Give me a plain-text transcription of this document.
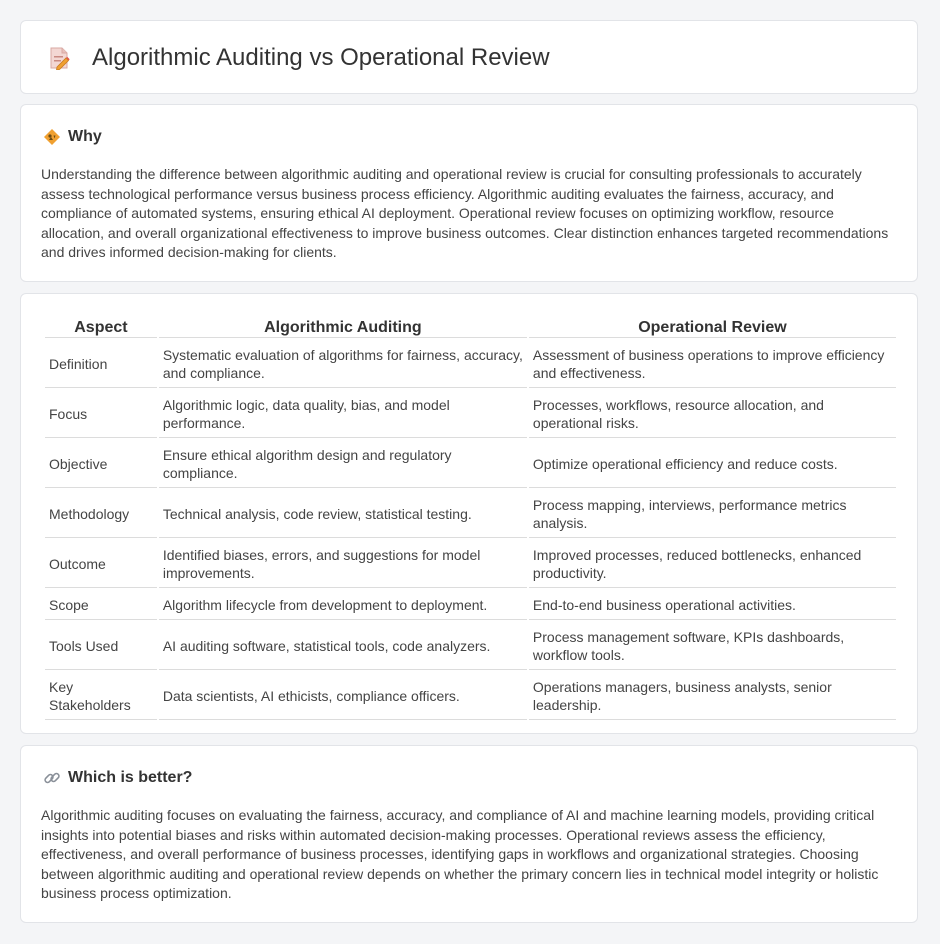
Algorithmic Auditing vs Operational Review
Why

Understanding the difference between algorithmic auditing and operational review is crucial for consulting professionals to accurately assess technological performance versus business process efficiency. Algorithmic auditing evaluates the fairness, accuracy, and compliance of automated systems, ensuring ethical AI deployment. Operational review focuses on optimizing workflow, resource allocation, and overall organizational effectiveness to improve business outcomes. Clear distinction enhances targeted recommendations and drives informed decision-making for clients.

Aspect	Algorithmic Auditing	Operational Review
Definition	Systematic evaluation of algorithms for fairness, accuracy, and compliance.	Assessment of business operations to improve efficiency and effectiveness.
Focus	Algorithmic logic, data quality, bias, and model performance.	Processes, workflows, resource allocation, and operational risks.
Objective	Ensure ethical algorithm design and regulatory compliance.	Optimize operational efficiency and reduce costs.
Methodology	Technical analysis, code review, statistical testing.	Process mapping, interviews, performance metrics analysis.
Outcome	Identified biases, errors, and suggestions for model improvements.	Improved processes, reduced bottlenecks, enhanced productivity.
Scope	Algorithm lifecycle from development to deployment.	End-to-end business operational activities.
Tools Used	AI auditing software, statistical tools, code analyzers.	Process management software, KPIs dashboards, workflow tools.
Key Stakeholders	Data scientists, AI ethicists, compliance officers.	Operations managers, business analysts, senior leadership.
Which is better?

Algorithmic auditing focuses on evaluating the fairness, accuracy, and compliance of AI and machine learning models, providing critical insights into potential biases and risks within automated decision-making processes. Operational reviews assess the efficiency, effectiveness, and overall performance of business processes, identifying gaps in workflows and organizational strategies. Choosing between algorithmic auditing and operational review depends on whether the primary concern lies in technical model integrity or holistic business process optimization.
